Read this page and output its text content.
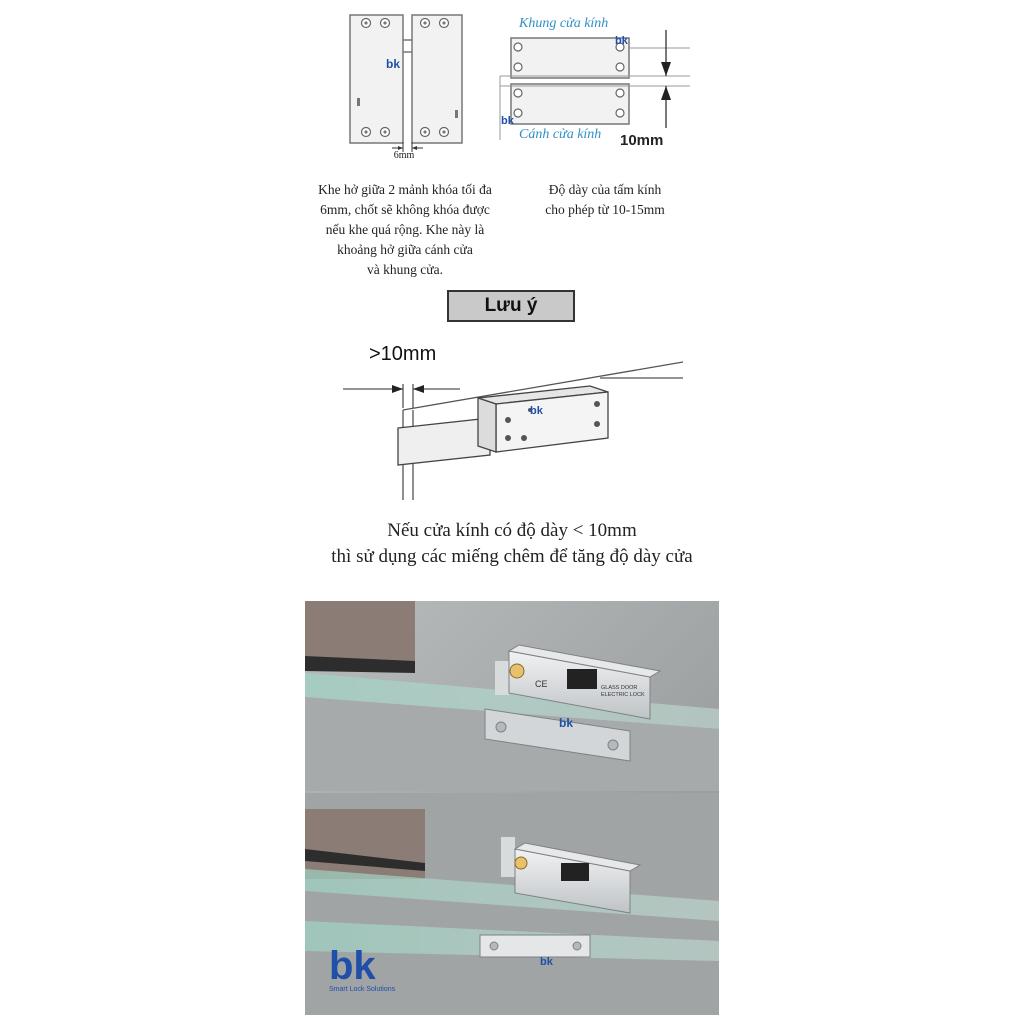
bk
6mm
Khe hở giữa 2 mảnh khóa tối đa
6mm, chốt sẽ không khóa được
nếu khe quá rộng. Khe này là
khoảng hở giữa cánh cửa
và khung cửa.
bk
bk
Khung cửa kính
Cánh cửa kính 10mm
Độ dày của tấm kính
cho phép từ 10-15mm
Lưu ý
bk
>10mm
Nếu cửa kính có độ dày < 10mm
thì sử dụng các miếng chêm để tăng độ dày cửa
CE	GLASS DOOR
ELECTRIC LOCK
bk
bk
bk
Smart Lock Solutions
